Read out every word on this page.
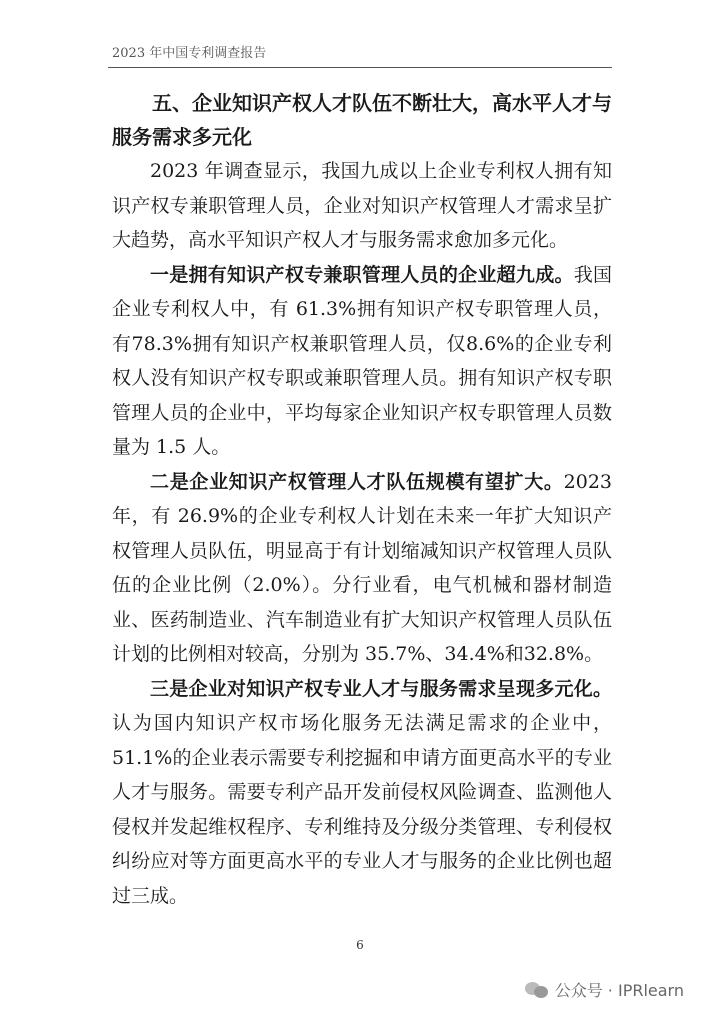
2023 年中国专利调查报告
五、企业知识产权人才队伍不断壮大，高水平人才与
服务需求多元化

2023 年调查显示，我国九成以上企业专利权人拥有知识产权专兼职管理人员，企业对知识产权管理人才需求呈扩大趋势，高水平知识产权人才与服务需求愈加多元化。

一是拥有知识产权专兼职管理人员的企业超九成。我国企业专利权人中，有 61.3%拥有知识产权专职管理人员，有78.3%拥有知识产权兼职管理人员，仅8.6%的企业专利权人没有知识产权专职或兼职管理人员。拥有知识产权专职管理人员的企业中，平均每家企业知识产权专职管理人员数量为 1.5 人。

二是企业知识产权管理人才队伍规模有望扩大。2023年，有 26.9%的企业专利权人计划在未来一年扩大知识产权管理人员队伍，明显高于有计划缩减知识产权管理人员队伍的企业比例（2.0%）。分行业看，电气机械和器材制造业、医药制造业、汽车制造业有扩大知识产权管理人员队伍计划的比例相对较高，分别为 35.7%、34.4%和32.8%。

三是企业对知识产权专业人才与服务需求呈现多元化。认为国内知识产权市场化服务无法满足需求的企业中，51.1%的企业表示需要专利挖掘和申请方面更高水平的专业人才与服务。需要专利产品开发前侵权风险调查、监测他人侵权并发起维权程序、专利维持及分级分类管理、专利侵权纠纷应对等方面更高水平的专业人才与服务的企业比例也超过三成。

6
公众号 · IPRlearn
